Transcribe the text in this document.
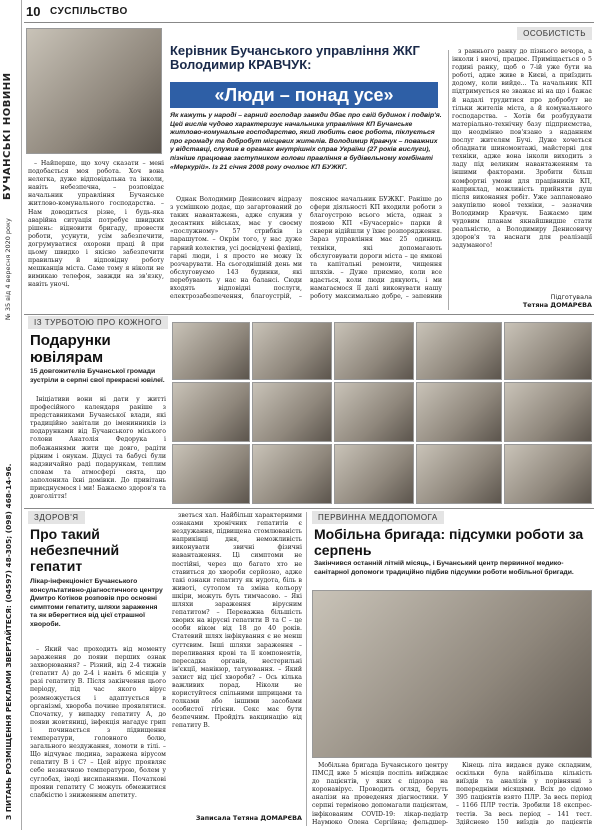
БУЧАНСЬКІ НОВИНИ
№ 35 від 4 вересня 2020 року
З ПИТАНЬ РОЗМІЩЕННЯ РЕКЛАМИ ЗВЕРТАЙТЕСЯ: (04597) 48-305; (098) 468-14-96.
10 СУСПІЛЬСТВО
ОСОБИСТІСТЬ
Керівник Бучанського управління ЖКГ Володимир КРАВЧУК:
«Люди – понад усе»
Як кажуть у народі – гарний господар завжди дбає про свій будинок і подвір'я. Цей вислів чудово характеризує начальника управління КП Бучанське житлово-комунальне господарство, який любить своє робота, піклується про громаду та добробут місцевих жителів. Володимир Кравчук – поважних у відставці, служив в органах внутрішніх справ України (27 років вислуги), пізніше працював заступником голови правління в будівельному комбінаті «Меркурій». Із 21 січня 2008 року очолює КП БУЖКГ.

– Найперше, що хочу сказати – мені подобається моя робота. Хоч вона нелегка, дуже відповідальна та інколи, навіть небезпечна, – розповідає начальник управління Бучанське житлово-комунального господарства. – Нам доводиться різне, і будь-яка аварійна ситуація потребує швидких рішень: відновити бригаду, провести роботи, усунути, усім забезпечити, догрумуватися охорони праці й при цьому швидко і якісно забезпечити правильну й відповідну роботу мешканців міста. Саме тому я ніколи не вимикаю телефон, завжди на зв'язку, навіть уночі.

Однак Володимир Денисович відразу з усмішкою додає, що загартований до таких навантажень, адже служив у десантних військах, має у своєму «послужному» 57 стрибків із парашутом. – Окрім того, у нас дуже гарний колектив, усі досвідчені фахівці, гарні люди, і я просто не можу їх розчарувати. На сьогоднішній день ми обслуговуємо 143 будинки, які перебувають у нас на балансі. Сюди входять відповідні послуги, електрозабезпечення, благоустрій, – пояснює начальник БУЖКГ. Раніше до сфери діяльності КП входили роботи з благоустрою всього міста, однак з появою КП «Бучасервіс» парки й сквери відійшли у їхнє розпорядження. Зараз управління має 25 одиниць техніки, які допомагають обслуговувати дороги міста – це ямкові та капітальні ремонти, чищення шляхів. – Дуже приємно, коли все вдається, коли люди дякують, і ми намагаємося її далі виконувати нашу роботу максимально добре, – запевнив

з раннього ранку до пізнього вечора, а інколи і вночі, працює. Приміщається о 5 годині ранку, щоб о 7-ій уже бути на роботі, адже живе в Києві, а приїздить додому, коли вийде... Та начальник КП підтримується не зважає ні на що і бажає й надалі трудитися про добробут не тільки жителів міста, а й комунального господарства. – Хотів би розбудувати матеріально-технічну базу підприємства, що неодмінно пов'язано з наданням послуг жителям Бучі. Дуже хочеться обладнати шиномонтажі, майстерні для техніки, адже вона інколи виходить з ладу під великим навантаженням та іншими факторами. Зробити більш комфортні умови для працівників КП, наприклад, можливість прийняти душ після виконання робіт. Уже заплановано закупівлю нової техніки, – зазначив Володимир Кравчук. Бажаємо цим чудовим планам якнайшвидше стати реальністю, а Володимиру Денисовичу здоров'я та наснаги для реалізації задуманого!

Підготувала
Тетяна ДОМАРЄВА
ІЗ ТУРБОТОЮ ПРО КОЖНОГО
Подарунки ювілярам
15 довгожителів Бучанської громади зустріли в серпні свої прекрасні ювілеї.

Ініціативи вони ні дати у житті професійного календаря раніше з представниками Бучанської влади, які традиційно завітали до іменинників із подарунками від Бучанського міського голови Анатолія Федорука і побажаннями жити ще довго, радіти рідним і онукам. Дідусі та бабусі були надзвичайно раді подарункам, теплим словам та атмосфері свята, що заполонила їхні домівки. До привітань приєднуємося і ми! Бажаємо здоров'я та довголіття!

ЗДОРОВ'Я
Про такий небезпечний гепатит
Лікар-інфекціоніст Бучанського консультативно-діагностичного центру Дмитро Котіков розповів про основні симптоми гепатиту, шляхи зараження та як вберегтися від цієї страшної хвороби.

– Який час проходить від моменту зараження до появи перших ознак захворювання? – Різний, від 2-4 тижнів (гепатит А) до 2-4 і навіть 6 місяців у разі гепатиту В. Після закінчення цього періоду, під час якого вірус розмножується і адаптується в організмі, хвороба почине проявлятися. Спочатку, у випадку гепатиту А, до появи жовтяниці, інфекція нагадує грип і починається з підвищення температури, головного болю, загального нездужання, ломоти в тілі. – Що відчуває людина, заражена вірусом гепатиту В і С? – Цей вірус проявляє себе незначною температурою, болем у суглобах, іноді висипаннями. Початкові прояви гепатиту С можуть обмежитися слабкістю і зниженням апетиту.

зветься хал. Найбільш характерними ознаками хронічних гепатитів є нездужання, підвищена стомлюваність наприкінці дня, неможливість виконувати звичні фізичні навантаження. Ці симптоми не постійні, через що багато хто не ставиться до хвороби серйозно, адже такі ознаки гепатиту як нудота, біль в животі, сутолом та зміна кольору шкіри, можуть буть тимчасово. – Які шляхи зараження вірусним гепатитом? – Переважна більшість хворих на вірусні гепатити В та С – це особи віком від 18 до 40 років. Статевий шлях інфікування є не менш суттєвим. Інші шляхи зараження – переливання крові та її компонентів, пересадка органів, нестерильні ін'єкції, манікюр, татуювання. – Який захист від цієї хвороби? – Ось кілька важливих порад. Ніколи не користуйтеся спільними шприцами та голками або іншими засобами особистої гігієни. Секс має бути безпечним. Пройдіть вакцинацію від гепатиту В.

Записала Тетяна ДОМАРЄВА
ПЕРВИННА МЕДДОПОМОГА
Мобільна бригада: підсумки роботи за серпень
Закінчився останній літній місяць, і Бучанський центр первинної медико-санітарної допомоги традиційно підбив підсумки роботи мобільної бригади.

Мобільна бригада Бучанського центру ПМСД вже 5 місяців поспіль виїжджає до пацієнтів, у яких є підозра на коронавірус. Проводить огляд, беруть аналізи на проведення діагностики. У серпні терміново допомагали пацієнтам, інфікованим COVID-19: лікар-педіатр Наумюко Олена Сергіївна; фельдшер-

Кінець літа видався дуже складним, оскільки була найбільша кількість виїздів та аналізів у порівнянні з попередніми місяцями. Всіх до сідомо 395 пацієнтів взято ПЛР. За весь період – 1166 ПЛР тестів. Зробили 18 експрес-тестів. За весь період – 141 тест. Здійснено 150 виїздів до пацієнтів
